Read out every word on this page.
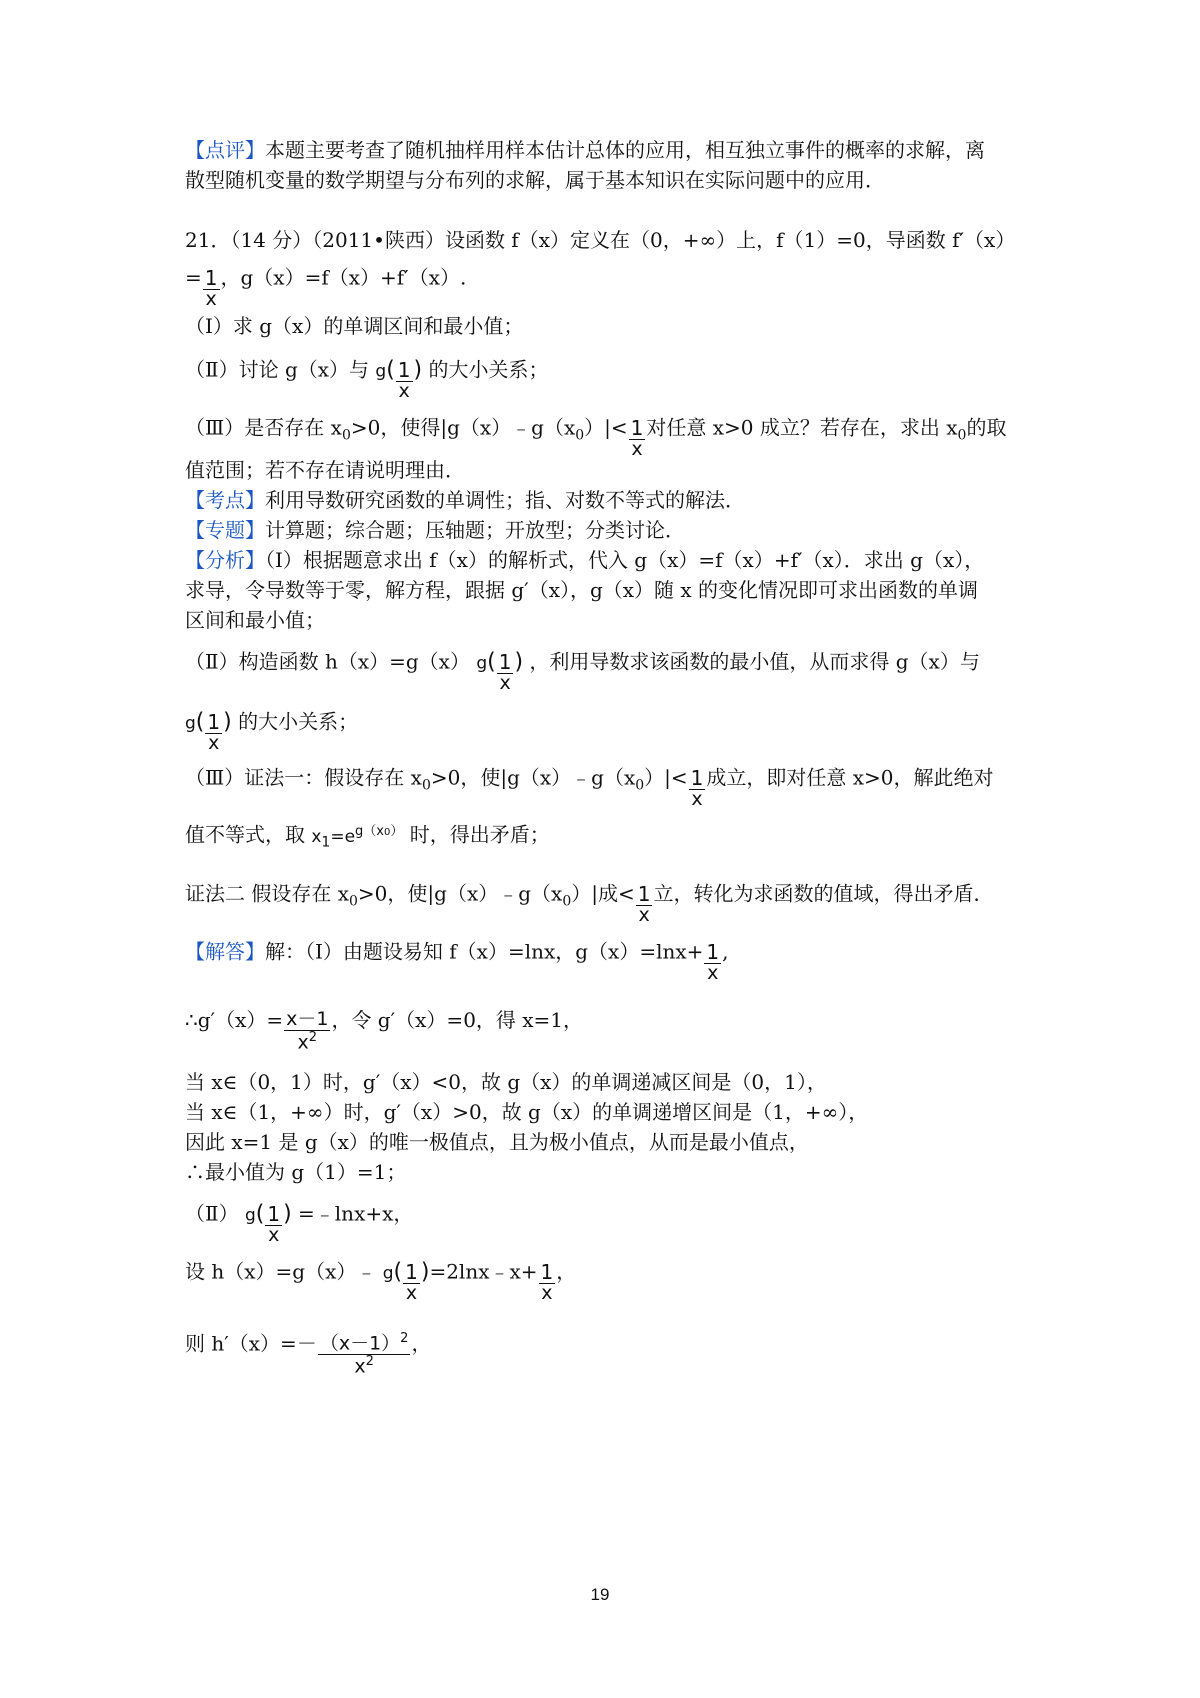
【点评】本题主要考查了随机抽样用样本估计总体的应用，相互独立事件的概率的求解，离
散型随机变量的数学期望与分布列的求解，属于基本知识在实际问题中的应用．
21．（14 分）（2011•陕西）设函数 f（x）定义在（0，+∞）上，f（1）=0，导函数 f′（x）
= $\frac{1}{x}$ ，g（x）=f（x）+f′（x）.
（Ⅰ）求 g（x）的单调区间和最小值；
（Ⅱ）讨论 g（x）与 $g( \frac{1}{x}$ ) 的大小关系；
（Ⅲ）是否存在 $x_0>0$，使得$|g(x)﹣g(x_0)|< \frac{1}{x}$ 对任意 x>0 成立？若存在，求出 $x_0$的取
值范围；若不存在请说明理由．
【考点】利用导数研究函数的单调性；指、对数不等式的解法．
【专题】计算题；综合题；压轴题；开放型；分类讨论．
【分析】（Ⅰ）根据题意求出 f（x）的解析式，代入 g（x）=f（x）+f′（x）．求出 g（x），
求导，令导数等于零，解方程，跟据 g′（x），g（x）随 x 的变化情况即可求出函数的单调
区间和最小值；
（Ⅱ）构造函数 h（x）=g（x） $g( \frac{1}{x}$ ) ，利用导数求该函数的最小值，从而求得 g（x）与
$g( \frac{1}{x}$ ) 的大小关系；
（Ⅲ）证法一：假设存在 $x_0>0$，使$|g(x)﹣g(x_0)|< \frac{1}{x}$ 成立，即对任意 x>0，解此绝对
值不等式，取 $x_1=e^{g(x0)}$ 时，得出矛盾；
证法二 假设存在 $x_0>0$，使$|g(x)﹣g(x_0)|$成< $\frac{1}{x}$ 立，转化为求函数的值域，得出矛盾．
【解答】解：（Ⅰ）由题设易知 f（x）=lnx，$g(x)=\ln x+ \frac{1}{x}$ ,
∴g′（x）= $\frac{x-1}{x^2}$ ，令 g′（x）=0，得 x=1，
当 x∈（0，1）时，g′（x）<0，故 g（x）的单调递减区间是（0，1），
当 x∈（1，+∞）时，g′（x）>0，故 g（x）的单调递增区间是（1，+∞），
因此 x=1 是 g（x）的唯一极值点，且为极小值点，从而是最小值点，
∴最小值为 g（1）=1；
（Ⅱ） $g( \frac{1}{x}$ ) =﹣lnx+x，
设 h（x）=g（x）﹣ $g( \frac{1}{x}$ )=2lnx﹣x+ $\frac{1}{x}$ ，
则 $h'(x)=- \frac{(x-1)^2}{x^2}$ ，
19
